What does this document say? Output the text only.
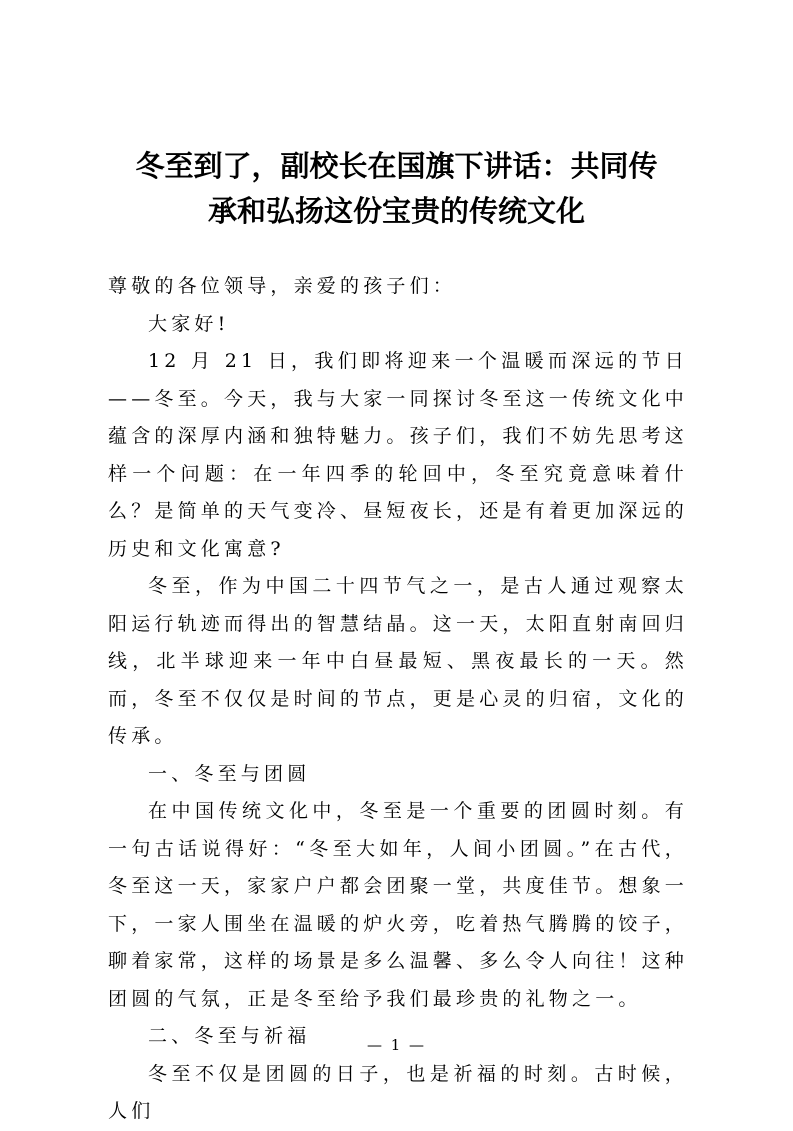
冬至到了，副校长在国旗下讲话：共同传
承和弘扬这份宝贵的传统文化

尊敬的各位领导，亲爱的孩子们：

大家好!

12 月 21 日，我们即将迎来一个温暖而深远的节日——冬至。今天，我与大家一同探讨冬至这一传统文化中蕴含的深厚内涵和独特魅力。孩子们，我们不妨先思考这样一个问题：在一年四季的轮回中，冬至究竟意味着什么？是简单的天气变冷、昼短夜长，还是有着更加深远的历史和文化寓意?

冬至，作为中国二十四节气之一，是古人通过观察太阳运行轨迹而得出的智慧结晶。这一天，太阳直射南回归线，北半球迎来一年中白昼最短、黑夜最长的一天。然而，冬至不仅仅是时间的节点，更是心灵的归宿，文化的传承。

一、冬至与团圆

在中国传统文化中，冬至是一个重要的团圆时刻。有一句古话说得好：“冬至大如年，人间小团圆。”在古代，冬至这一天，家家户户都会团聚一堂，共度佳节。想象一下，一家人围坐在温暖的炉火旁，吃着热气腾腾的饺子，聊着家常，这样的场景是多么温馨、多么令人向往！这种团圆的气氛，正是冬至给予我们最珍贵的礼物之一。

二、冬至与祈福

冬至不仅是团圆的日子，也是祈福的时刻。古时候，人们

— 1 —
